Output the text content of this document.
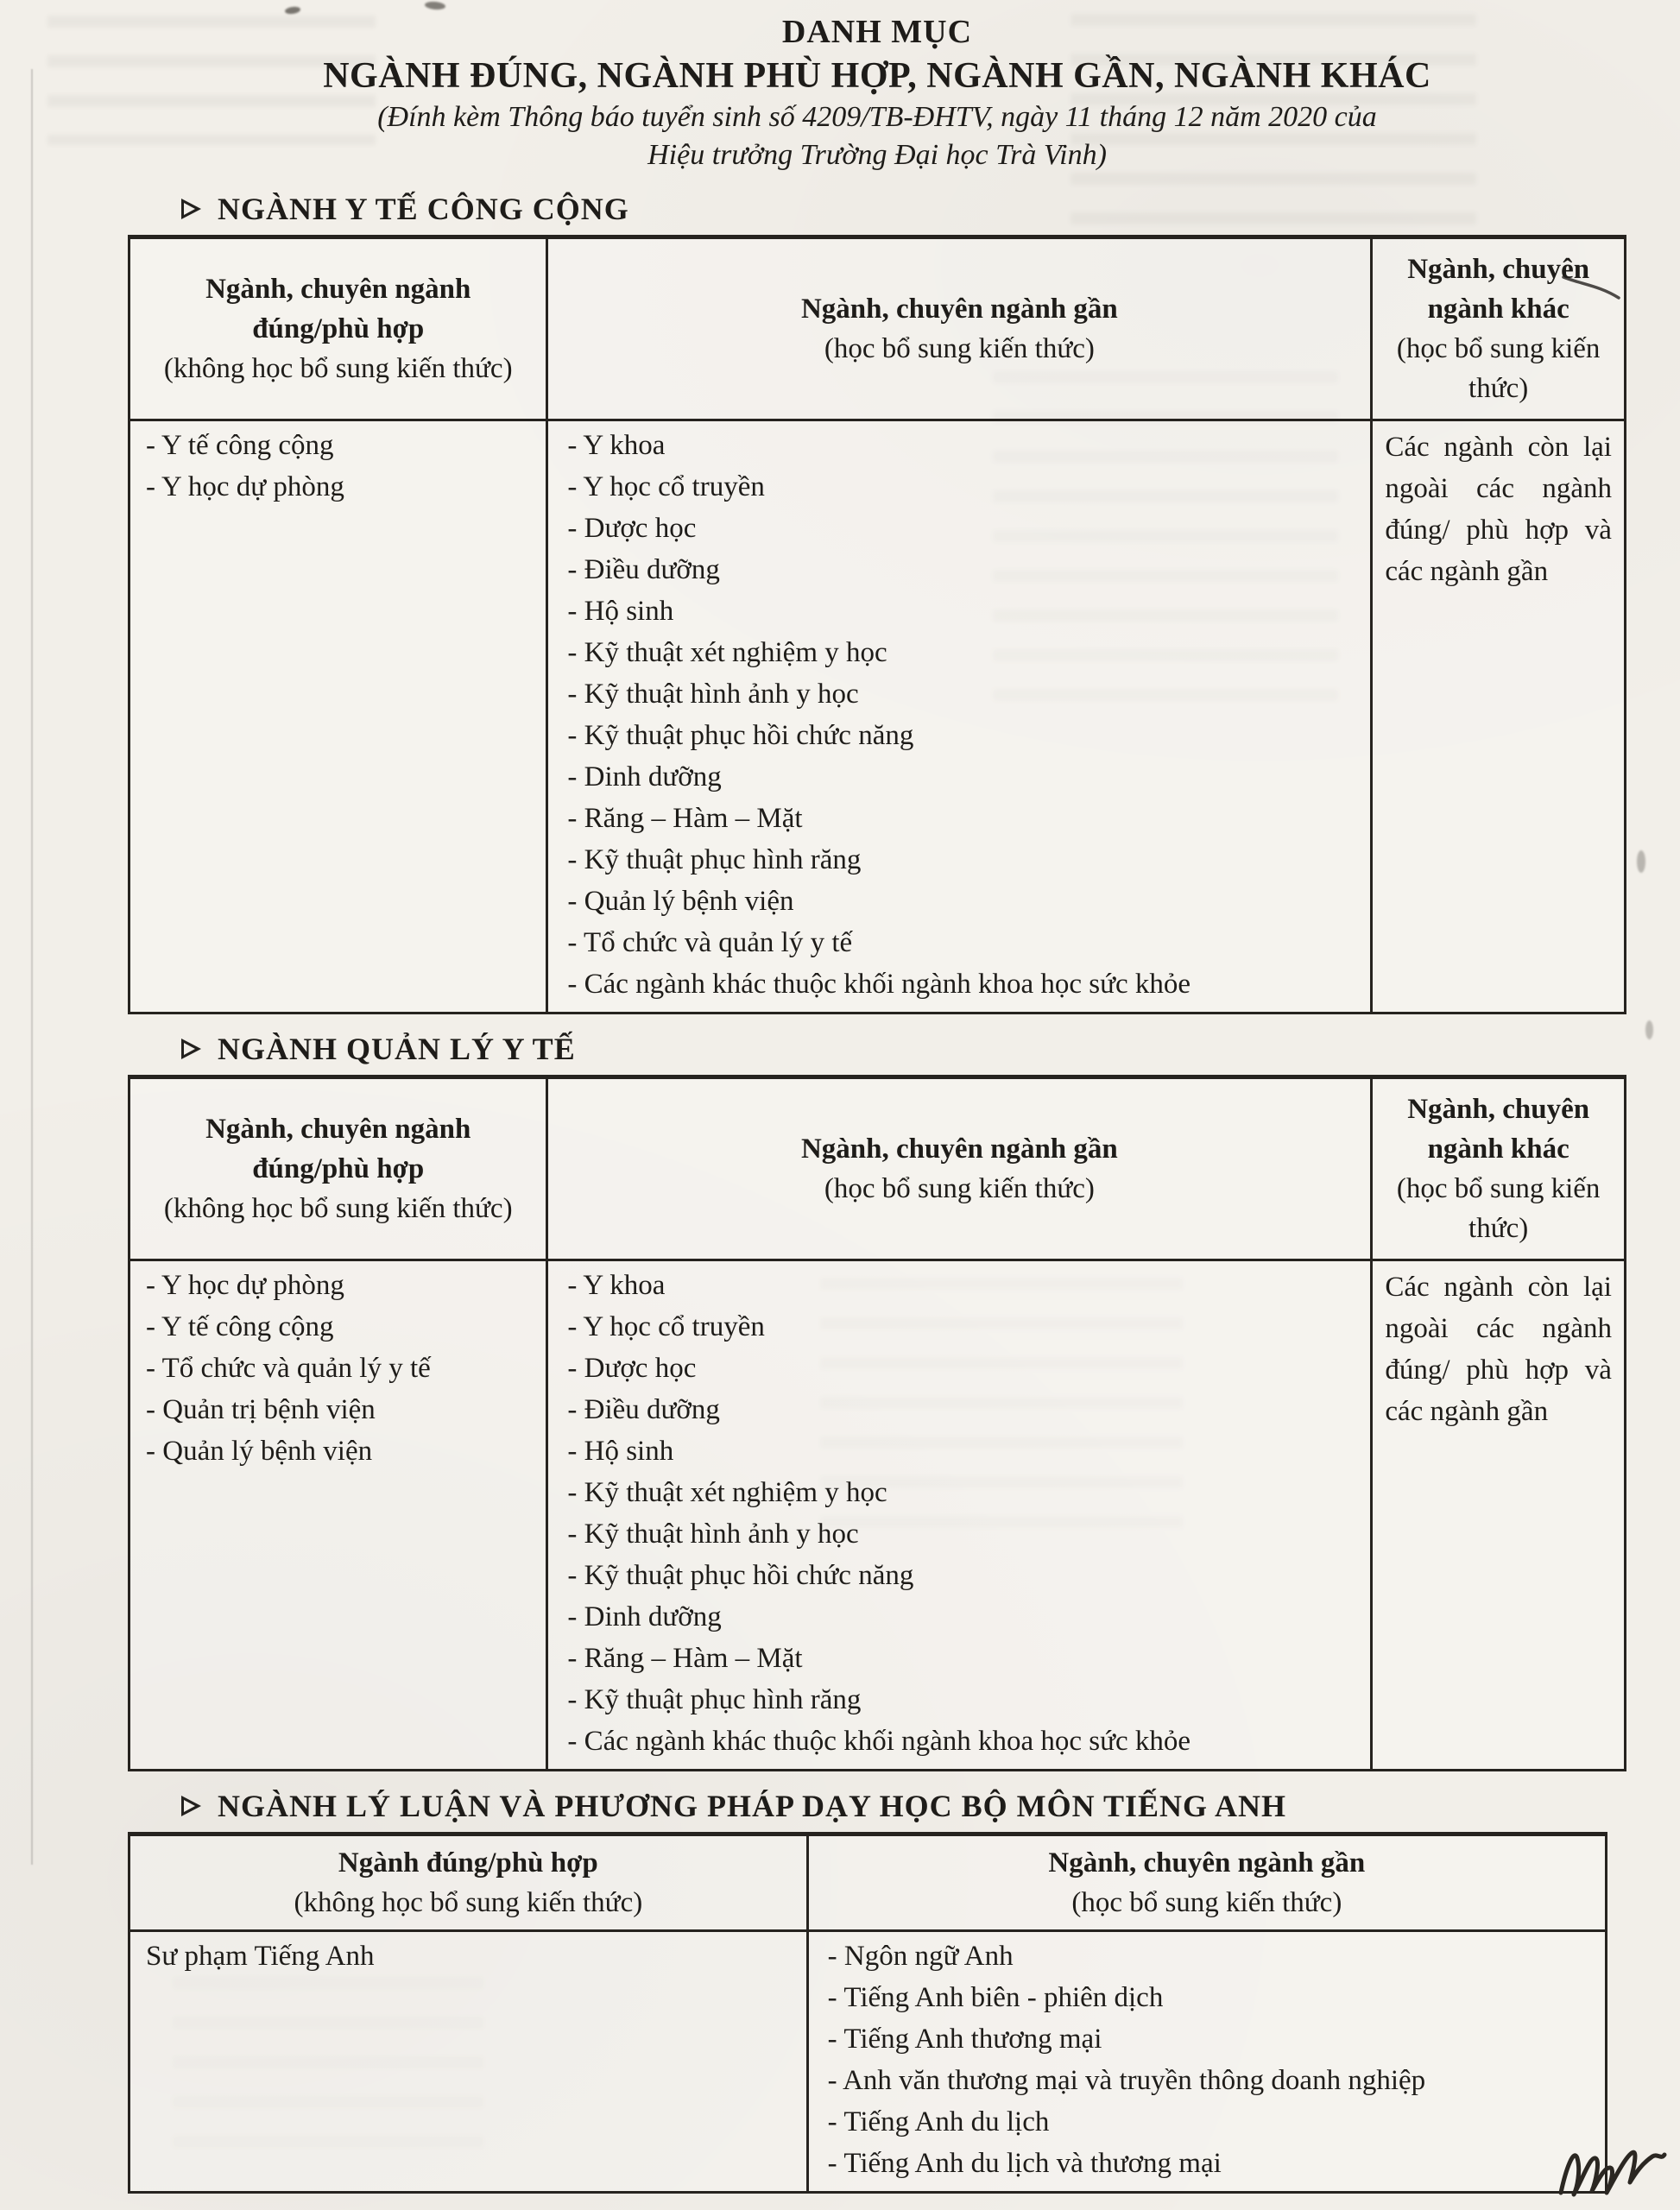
DANH MỤC
NGÀNH ĐÚNG, NGÀNH PHÙ HỢP, NGÀNH GẦN, NGÀNH KHÁC
(Đính kèm Thông báo tuyển sinh số 4209/TB-ĐHTV, ngày 11 tháng 12 năm 2020 của
Hiệu trưởng Trường Đại học Trà Vinh)
NGÀNH Y TẾ CÔNG CỘNG
Ngành, chuyên ngành đúng/phù hợp
(không học bổ sung kiến thức)
Ngành, chuyên ngành gần
(học bổ sung kiến thức)
Ngành, chuyên ngành khác
(học bổ sung kiến thức)
- Y tế công cộng
- Y học dự phòng
- Y khoa
- Y học cổ truyền
- Dược học
- Điều dưỡng
- Hộ sinh
- Kỹ thuật xét nghiệm y học
- Kỹ thuật hình ảnh y học
- Kỹ thuật phục hồi chức năng
- Dinh dưỡng
- Răng – Hàm – Mặt
- Kỹ thuật phục hình răng
- Quản lý bệnh viện
- Tổ chức và quản lý y tế
- Các ngành khác thuộc khối ngành khoa học sức khỏe
Các ngành còn lại ngoài các ngành đúng/ phù hợp và các ngành gần
NGÀNH QUẢN LÝ Y TẾ
Ngành, chuyên ngành đúng/phù hợp
(không học bổ sung kiến thức)
Ngành, chuyên ngành gần
(học bổ sung kiến thức)
Ngành, chuyên ngành khác
(học bổ sung kiến thức)
- Y học dự phòng
- Y tế công cộng
- Tổ chức và quản lý y tế
- Quản trị bệnh viện
- Quản lý bệnh viện
- Y khoa
- Y học cổ truyền
- Dược học
- Điều dưỡng
- Hộ sinh
- Kỹ thuật xét nghiệm y học
- Kỹ thuật hình ảnh y học
- Kỹ thuật phục hồi chức năng
- Dinh dưỡng
- Răng – Hàm – Mặt
- Kỹ thuật phục hình răng
- Các ngành khác thuộc khối ngành khoa học sức khỏe
Các ngành còn lại ngoài các ngành đúng/ phù hợp và các ngành gần
NGÀNH LÝ LUẬN VÀ PHƯƠNG PHÁP DẠY HỌC BỘ MÔN TIẾNG ANH
Ngành đúng/phù hợp
(không học bổ sung kiến thức)
Ngành, chuyên ngành gần
(học bổ sung kiến thức)
Sư phạm Tiếng Anh	- Ngôn ngữ Anh
- Tiếng Anh biên - phiên dịch
- Tiếng Anh thương mại
- Anh văn thương mại và truyền thông doanh nghiệp
- Tiếng Anh du lịch
- Tiếng Anh du lịch và thương mại
